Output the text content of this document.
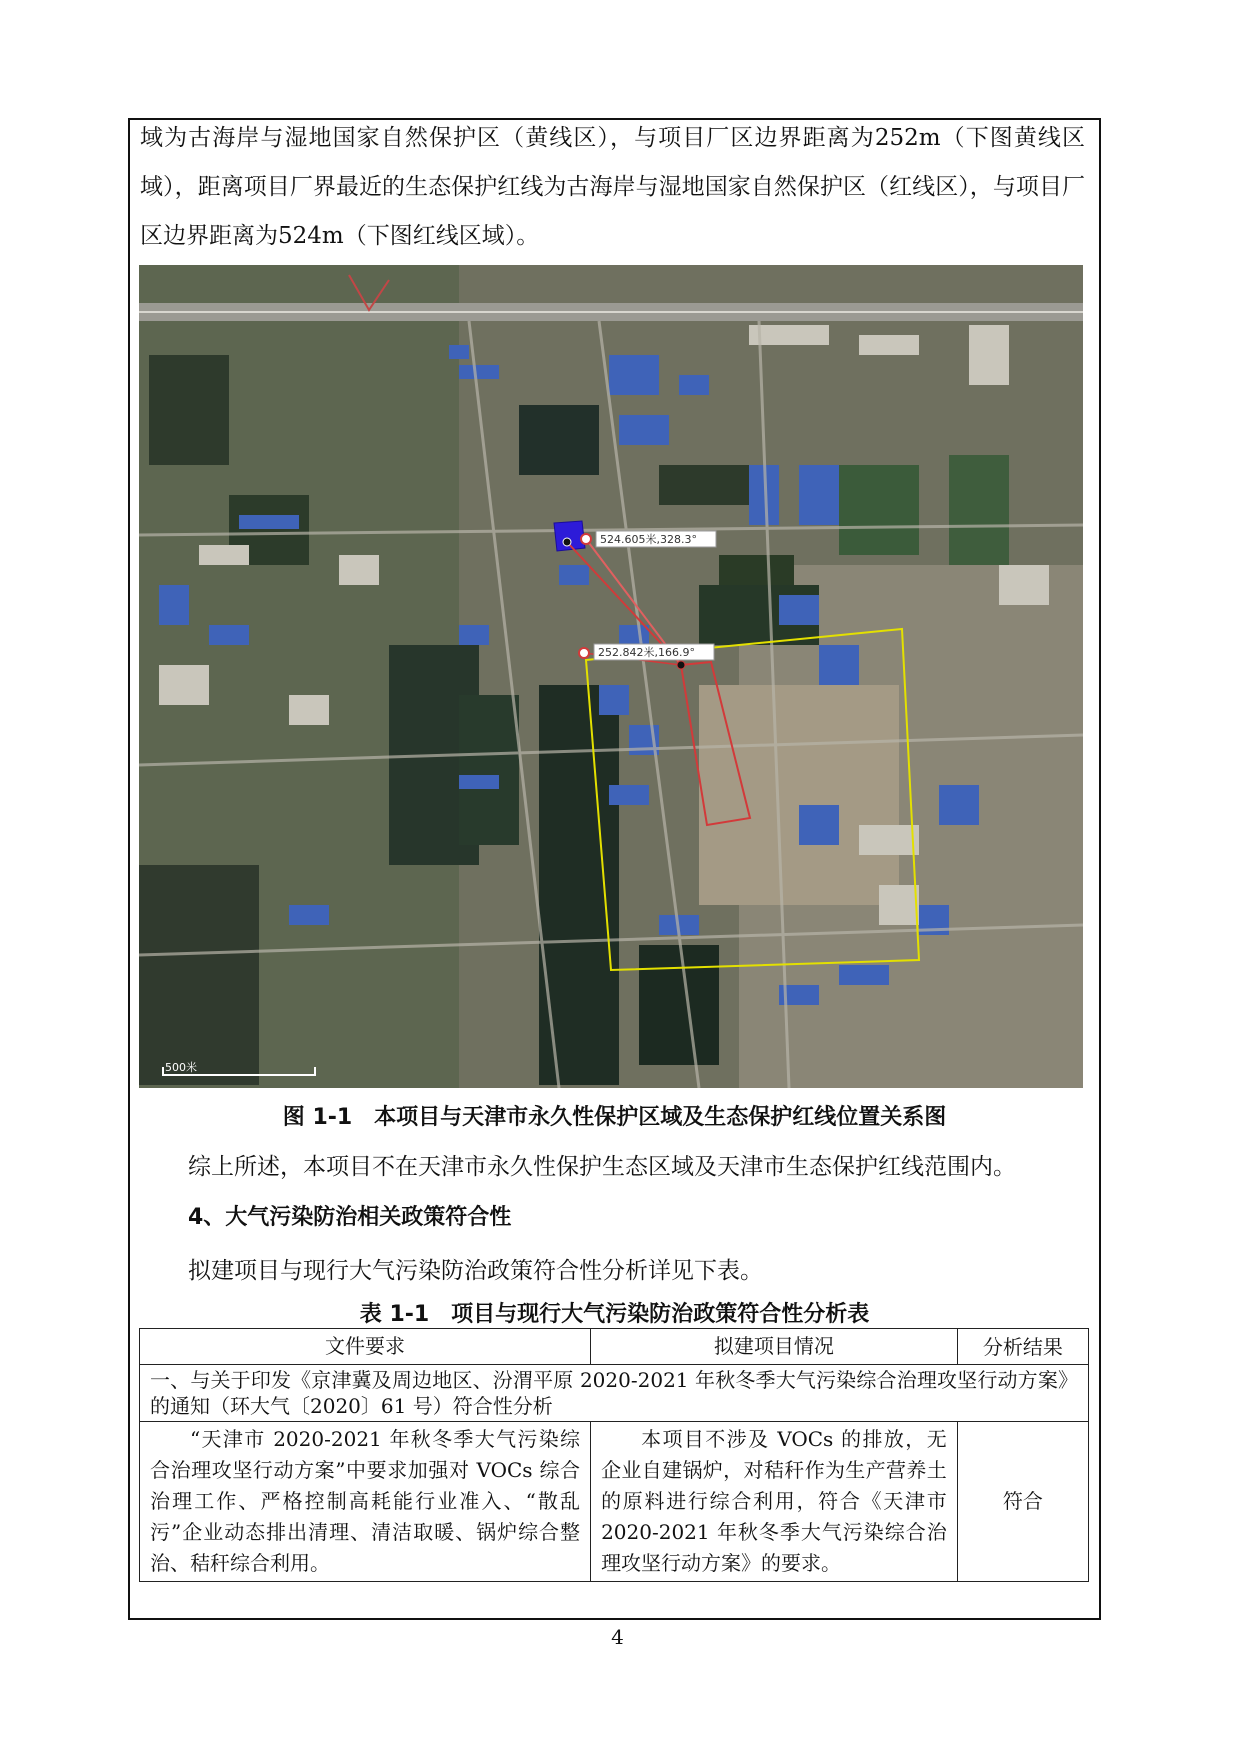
域为古海岸与湿地国家自然保护区（黄线区），与项目厂区边界距离为252m（下图黄线区域），距离项目厂界最近的生态保护红线为古海岸与湿地国家自然保护区（红线区），与项目厂区边界距离为524m（下图红线区域）。
524.605米,328.3°
252.842米,166.9°
500米
图 1-1　本项目与天津市永久性保护区域及生态保护红线位置关系图
综上所述，本项目不在天津市永久性保护生态区域及天津市生态保护红线范围内。
4、大气污染防治相关政策符合性
拟建项目与现行大气污染防治政策符合性分析详见下表。
表 1-1　项目与现行大气污染防治政策符合性分析表
文件要求	拟建项目情况	分析结果
一、与关于印发《京津冀及周边地区、汾渭平原 2020-2021 年秋冬季大气污染综合治理攻坚行动方案》的通知（环大气〔2020〕61 号）符合性分析		
“天津市 2020-2021 年秋冬季大气污染综合治理攻坚行动方案”中要求加强对 VOCs 综合治理工作、严格控制高耗能行业准入、“散乱污”企业动态排出清理、清洁取暖、锅炉综合整治、秸秆综合利用。	本项目不涉及 VOCs 的排放，无企业自建锅炉，对秸秆作为生产营养土的原料进行综合利用，符合《天津市 2020-2021 年秋冬季大气污染综合治理攻坚行动方案》的要求。	符合
4
